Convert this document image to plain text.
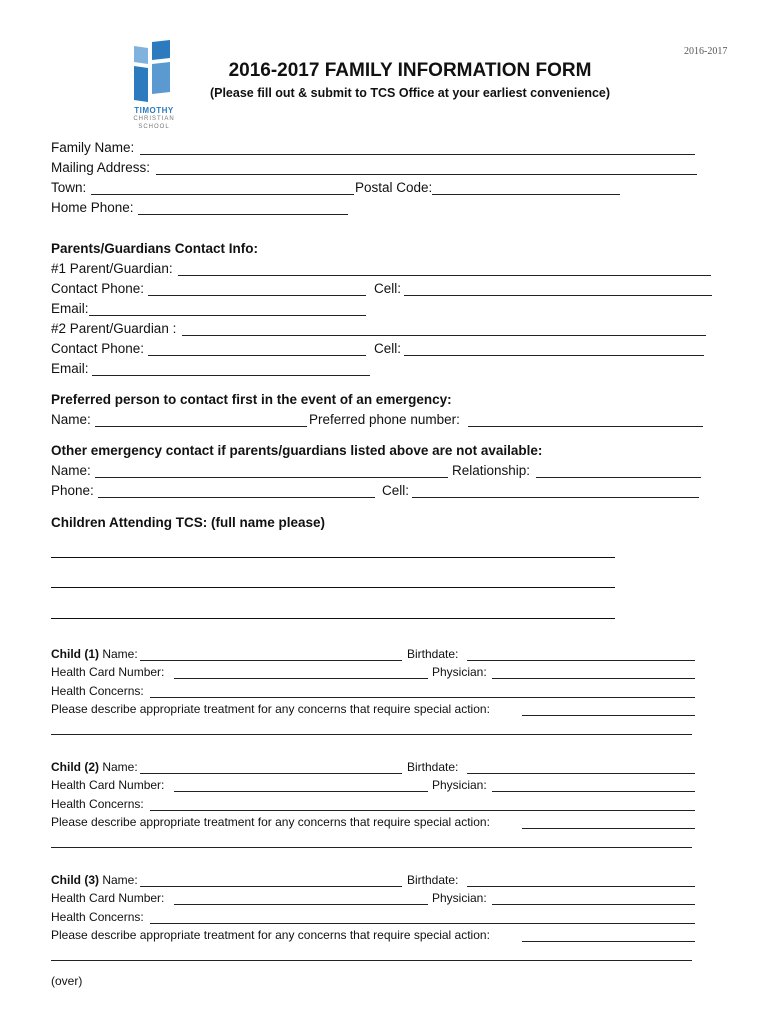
2016-2017
TIMOTHY
CHRISTIAN
SCHOOL
2016-2017 FAMILY INFORMATION FORM
(Please fill out & submit to TCS Office at your earliest convenience)
Family Name:
Mailing Address:
Town:	Postal Code:
Home Phone:
Parents/Guardians Contact Info:
#1 Parent/Guardian:
Contact Phone:	Cell:
Email:
#2 Parent/Guardian :
Contact Phone:	Cell:
Email:
Preferred person to contact first in the event of an emergency:
Name:	Preferred phone number:
Other emergency contact if parents/guardians listed above are not available:
Name:	Relationship:
Phone:	Cell:
Children Attending TCS: (full name please)
Child (1) Name:	Birthdate:
Health Card Number:	Physician:
Health Concerns:
Please describe appropriate treatment for any concerns that require special action:
Child (2) Name:	Birthdate:
Health Card Number:	Physician:
Health Concerns:
Please describe appropriate treatment for any concerns that require special action:
Child (3) Name:	Birthdate:
Health Card Number:	Physician:
Health Concerns:
Please describe appropriate treatment for any concerns that require special action:
(over)
